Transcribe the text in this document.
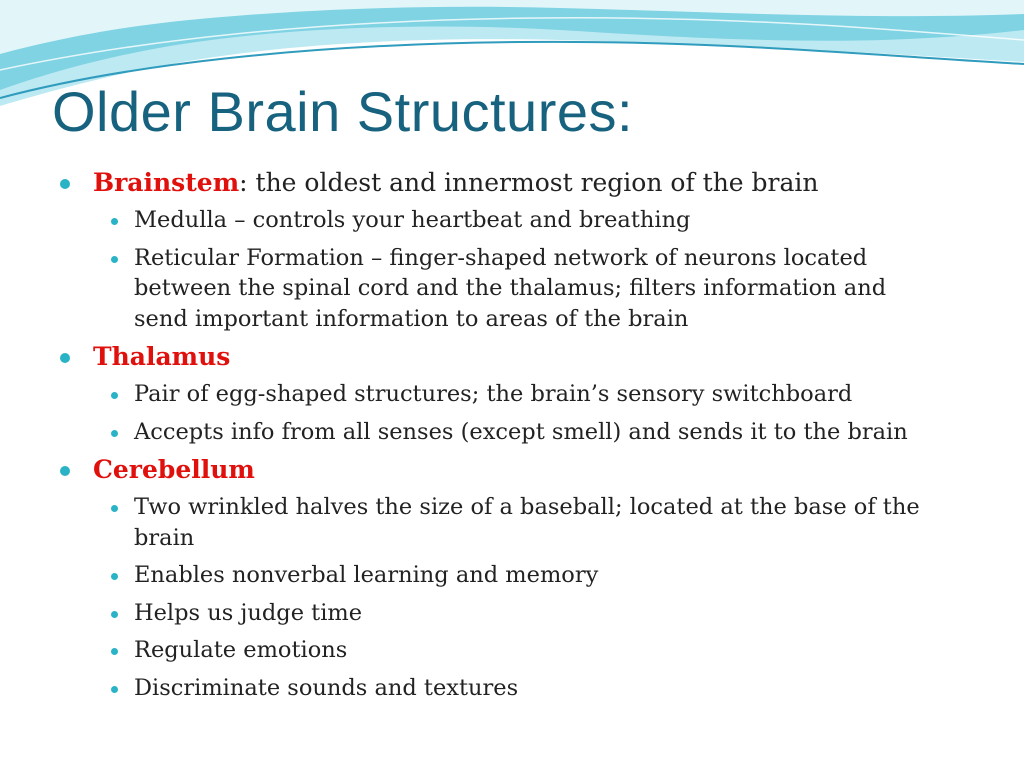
Older Brain Structures:

Brainstem: the oldest and innermost region of the brain

Medulla – controls your heartbeat and breathing
Reticular Formation – finger-shaped network of neurons located
between the spinal cord and the thalamus; filters information and
send important information to areas of the brain

Thalamus

Pair of egg-shaped structures; the brain’s sensory switchboard
Accepts info from all senses (except smell) and sends it to the brain

Cerebellum

Two wrinkled halves the size of a baseball; located at the base of the
brain
Enables nonverbal learning and memory
Helps us judge time
Regulate emotions
Discriminate sounds and textures
